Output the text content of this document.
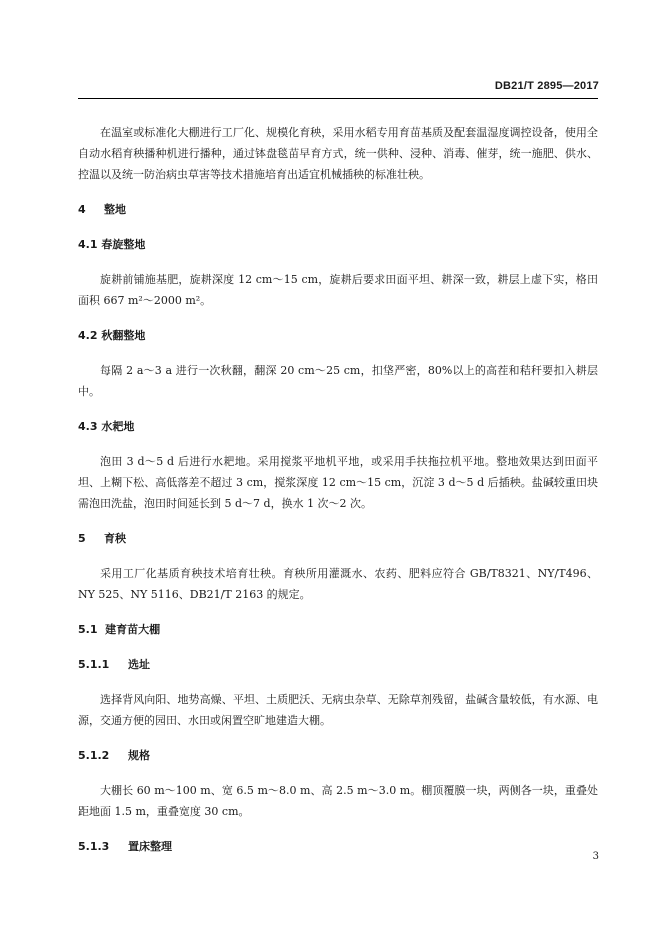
DB21/T 2895—2017

在温室或标准化大棚进行工厂化、规模化育秧，采用水稻专用育苗基质及配套温湿度调控设备，使用全自动水稻育秧播种机进行播种，通过钵盘毯苗早育方式，统一供种、浸种、消毒、催芽，统一施肥、供水、控温以及统一防治病虫草害等技术措施培育出适宜机械插秧的标准壮秧。

4 整地
4.1 春旋整地

旋耕前铺施基肥，旋耕深度 12 cm～15 cm，旋耕后要求田面平坦、耕深一致，耕层上虚下实，格田面积 667 m²～2000 m²。

4.2 秋翻整地

每隔 2 a～3 a 进行一次秋翻，翻深 20 cm～25 cm，扣垡严密，80%以上的高茬和秸秆要扣入耕层中。

4.3 水耙地

泡田 3 d～5 d 后进行水耙地。采用搅浆平地机平地，或采用手扶拖拉机平地。整地效果达到田面平坦、上糊下松、高低落差不超过 3 cm，搅浆深度 12 cm～15 cm，沉淀 3 d～5 d 后插秧。盐碱较重田块需泡田洗盐，泡田时间延长到 5 d～7 d，换水 1 次～2 次。

5 育秧

采用工厂化基质育秧技术培育壮秧。育秧所用灌溉水、农药、肥料应符合 GB/T8321、NY/T496、NY 525、NY 5116、DB21/T 2163 的规定。

5.1 建育苗大棚
5.1.1 选址

选择背风向阳、地势高燥、平坦、土质肥沃、无病虫杂草、无除草剂残留，盐碱含量较低，有水源、电源，交通方便的园田、水田或闲置空旷地建造大棚。

5.1.2 规格

大棚长 60 m～100 m、宽 6.5 m～8.0 m、高 2.5 m～3.0 m。棚顶覆膜一块，两侧各一块，重叠处距地面 1.5 m，重叠宽度 30 cm。

5.1.3 置床整理
3
